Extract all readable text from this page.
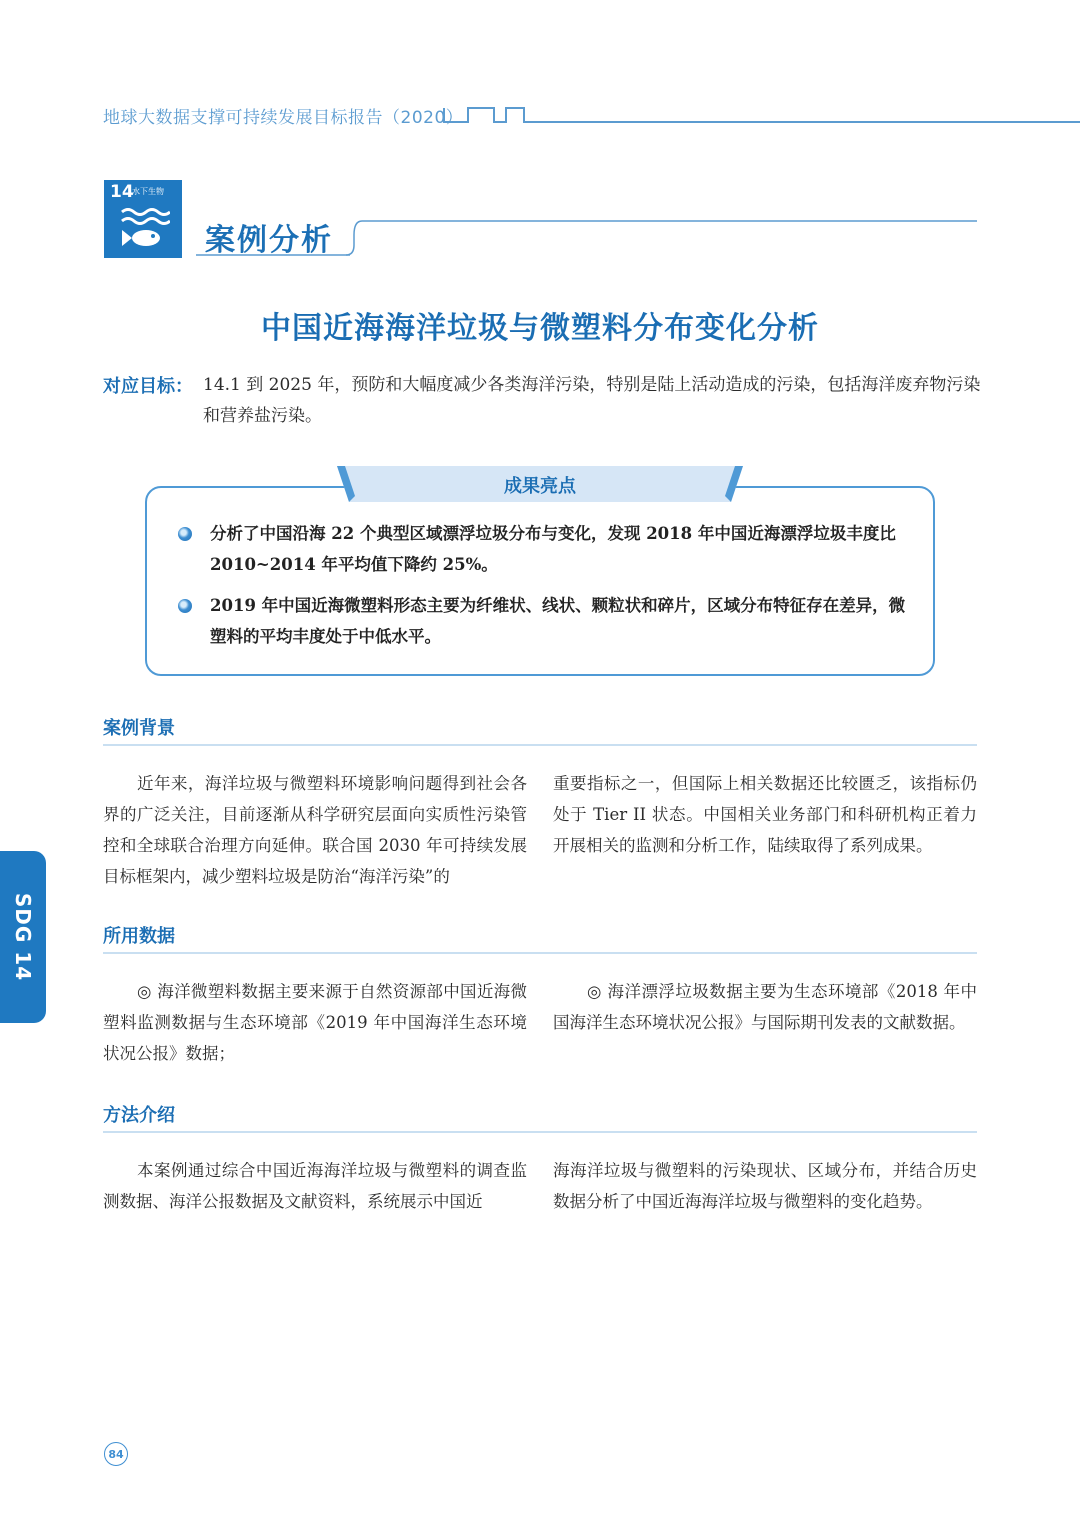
地球大数据支撑可持续发展目标报告（2020）
14
水下生物
案例分析
中国近海海洋垃圾与微塑料分布变化分析
对应目标： 14.1 到 2025 年，预防和大幅度减少各类海洋污染，特别是陆上活动造成的污染，包括海洋废弃物污染和营养盐污染。
成果亮点
分析了中国沿海 22 个典型区域漂浮垃圾分布与变化，发现 2018 年中国近海漂浮垃圾丰度比 2010~2014 年平均值下降约 25%。
2019 年中国近海微塑料形态主要为纤维状、线状、颗粒状和碎片，区域分布特征存在差异，微塑料的平均丰度处于中低水平。
案例背景
近年来，海洋垃圾与微塑料环境影响问题得到社会各界的广泛关注，目前逐渐从科学研究层面向实质性污染管控和全球联合治理方向延伸。联合国 2030 年可持续发展目标框架内，减少塑料垃圾是防治“海洋污染”的
重要指标之一，但国际上相关数据还比较匮乏，该指标仍处于 Tier II 状态。中国相关业务部门和科研机构正着力开展相关的监测和分析工作，陆续取得了系列成果。
所用数据
◎ 海洋微塑料数据主要来源于自然资源部中国近海微塑料监测数据与生态环境部《2019 年中国海洋生态环境状况公报》数据；
◎ 海洋漂浮垃圾数据主要为生态环境部《2018 年中国海洋生态环境状况公报》与国际期刊发表的文献数据。
方法介绍
本案例通过综合中国近海海洋垃圾与微塑料的调查监测数据、海洋公报数据及文献资料，系统展示中国近
海海洋垃圾与微塑料的污染现状、区域分布，并结合历史数据分析了中国近海海洋垃圾与微塑料的变化趋势。
SDG 14
84
